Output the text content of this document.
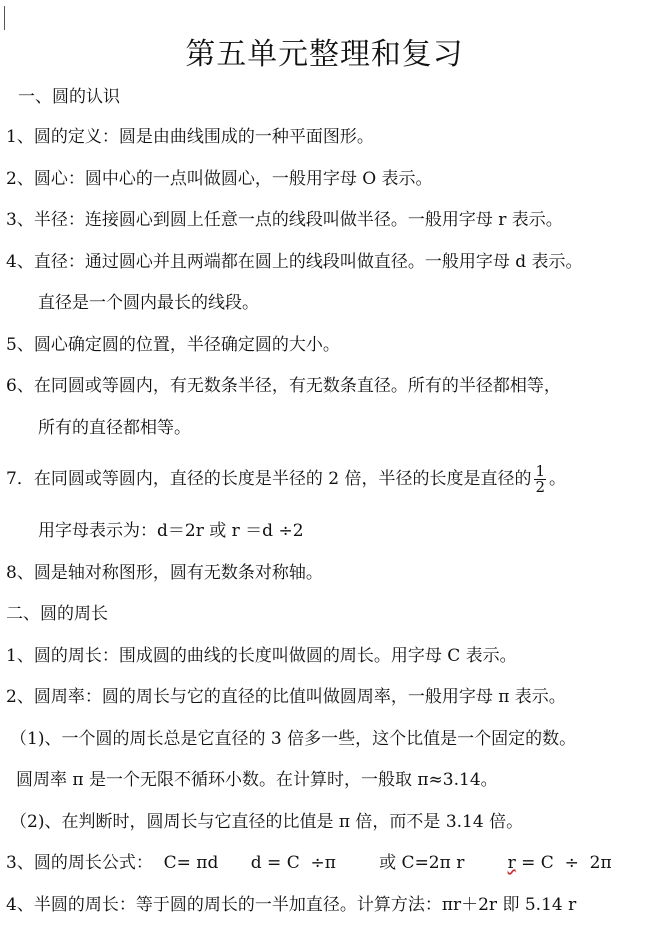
第五单元整理和复习
一、圆的认识
1、圆的定义：圆是由曲线围成的一种平面图形。
2、圆心：圆中心的一点叫做圆心，一般用字母 O 表示。
3、半径：连接圆心到圆上任意一点的线段叫做半径。一般用字母 r 表示。
4、直径：通过圆心并且两端都在圆上的线段叫做直径。一般用字母 d 表示。
直径是一个圆内最长的线段。
5、圆心确定圆的位置，半径确定圆的大小。
6、在同圆或等圆内，有无数条半径，有无数条直径。所有的半径都相等，
所有的直径都相等。
7．在同圆或等圆内，直径的长度是半径的 2 倍，半径的长度是直径的 $\frac{1}{2}$ 。
用字母表示为：d＝2r 或 r ＝d ÷2
8、圆是轴对称图形，圆有无数条对称轴。
二、圆的周长
1、圆的周长：围成圆的曲线的长度叫做圆的周长。用字母 C 表示。
2、圆周率：圆的周长与它的直径的比值叫做圆周率，一般用字母 π 表示。
（1)、一个圆的周长总是它直径的 3 倍多一些，这个比值是一个固定的数。
圆周率 π 是一个无限不循环小数。在计算时，一般取 π≈3.14。
（2)、在判断时，圆周长与它直径的比值是 π 倍，而不是 3.14 倍。
3、圆的周长公式：  C= πd      d = C  ÷π        或 C=2π r        r = C  ÷  2π
4、半圆的周长：等于圆的周长的一半加直径。计算方法：πr＋2r 即 5.14 r
